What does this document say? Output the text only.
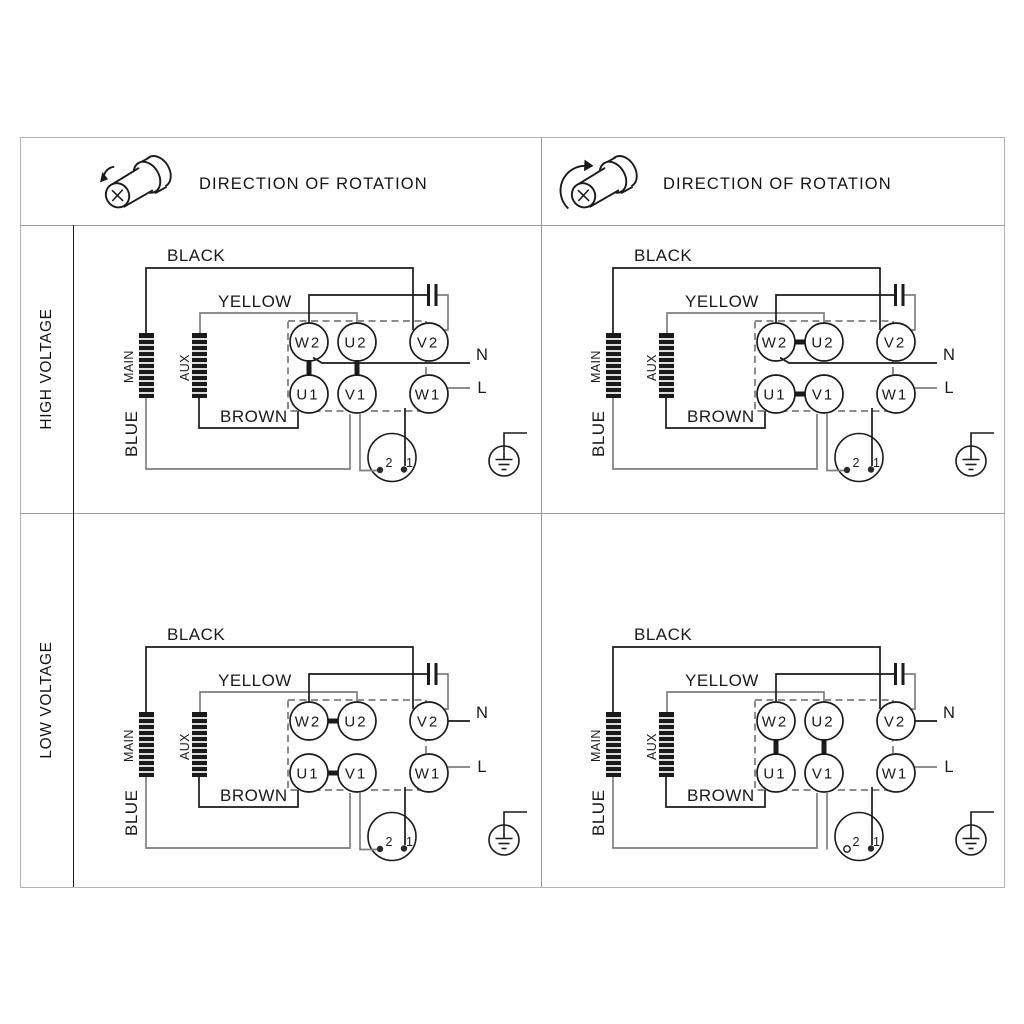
DIRECTION OF ROTATION	DIRECTION OF ROTATION
HIGH VOLTAGE
LOW VOLTAGE
W2 U2	V2
U1 V1	W1
N
L
2 1
BLACK
YELLOW
BROWN
BLUE
MAIN	AUX
W2 U2	V2
U1 V1	W1
N
L
2 1
BLACK
YELLOW
BROWN
BLUE
MAIN	AUX
W2 U2	V2
U1 V1	W1
N
L
2 1
BLACK
YELLOW
BROWN
BLUE
MAIN	AUX
W2 U2	V2
U1 V1	W1
N
L
2 1
BLACK
YELLOW
BROWN
BLUE
MAIN	AUX
